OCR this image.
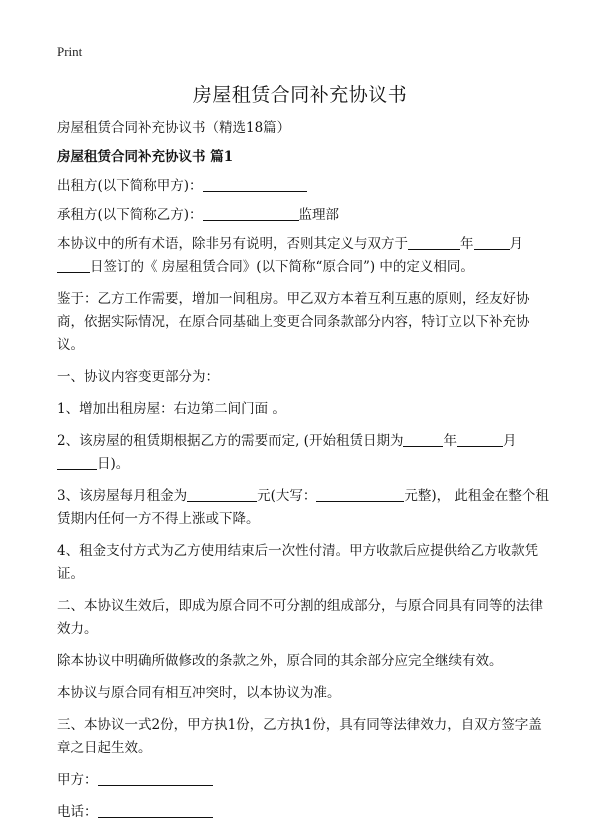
Print
房屋租赁合同补充协议书

房屋租赁合同补充协议书（精选18篇）

房屋租赁合同补充协议书 篇1

出租方(以下简称甲方)：

承租方(以下简称乙方)：	监理部

本协议中的所有术语，除非另有说明，否则其定义与双方于	年	月
日签订的《 房屋租赁合同》(以下简称“原合同”) 中的定义相同。

鉴于：乙方工作需要，增加一间租房。甲乙双方本着互利互惠的原则，经友好协商，依据实际情况，在原合同基础上变更合同条款部分内容，特订立以下补充协议。

一、协议内容变更部分为：

1、增加出租房屋：右边第二间门面 。

2、该房屋的租赁期根据乙方的需要而定, (开始租赁日期为	年	月
日)。

3、该房屋每月租金为	元(大写：	元整)， 此租金在整个租赁期内任何一方不得上涨或下降。

4、租金支付方式为乙方使用结束后一次性付清。甲方收款后应提供给乙方收款凭证。

二、本协议生效后，即成为原合同不可分割的组成部分，与原合同具有同等的法律效力。

除本协议中明确所做修改的条款之外，原合同的其余部分应完全继续有效。

本协议与原合同有相互冲突时，以本协议为准。

三、本协议一式2份，甲方执1份，乙方执1份，具有同等法律效力，自双方签字盖章之日起生效。

甲方：

电话：
